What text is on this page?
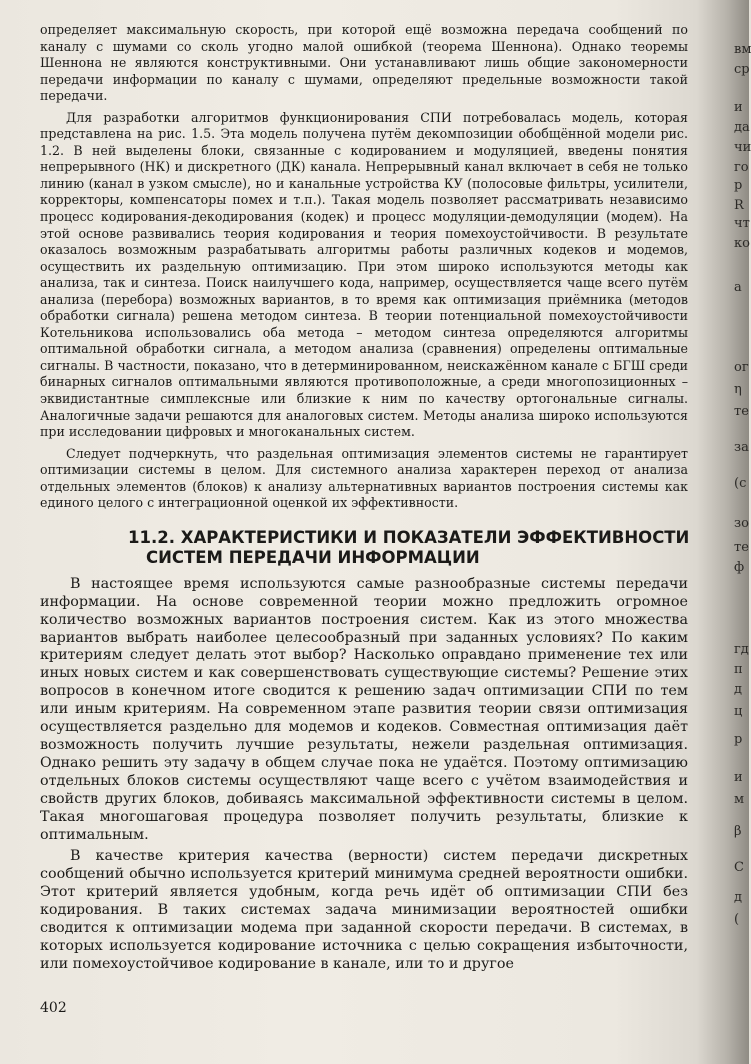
определяет максимальную скорость, при которой ещё возможна передача сообщений по каналу с шумами со сколь угодно малой ошибкой (теорема Шеннона). Однако теоремы Шеннона не являются конструктивными. Они устанавливают лишь общие закономерности передачи информации по каналу с шумами, определяют предельные возможности такой передачи.

Для разработки алгоритмов функционирования СПИ потребовалась модель, которая представлена на рис. 1.5. Эта модель получена путём декомпозиции обобщённой модели рис. 1.2. В ней выделены блоки, связанные с кодированием и модуляцией, введены понятия непрерывного (НК) и дискретного (ДК) канала. Непрерывный канал включает в себя не только линию (канал в узком смысле), но и канальные устройства КУ (полосовые фильтры, усилители, корректоры, компенсаторы помех и т.п.). Такая модель позволяет рассматривать независимо процесс кодирования-декодирования (кодек) и процесс модуляции-демодуляции (модем). На этой основе развивались теория кодирования и теория помехоустойчивости. В результате оказалось возможным разрабатывать алгоритмы работы различных кодеков и модемов, осуществить их раздельную оптимизацию. При этом широко используются методы как анализа, так и синтеза. Поиск наилучшего кода, например, осуществляется чаще всего путём анализа (перебора) возможных вариантов, в то время как оптимизация приёмника (методов обработки сигнала) решена методом синтеза. В теории потенциальной помехоустойчивости Котельникова использовались оба метода – методом синтеза определяются алгоритмы оптимальной обработки сигнала, а методом анализа (сравнения) определены оптимальные сигналы. В частности, показано, что в детерминированном, неискажённом канале с БГШ среди бинарных сигналов оптимальными являются противоположные, а среди многопозиционных – эквидистантные симплексные или близкие к ним по качеству ортогональные сигналы. Аналогичные задачи решаются для аналоговых систем. Методы анализа широко используются при исследовании цифровых и многоканальных систем.

Следует подчеркнуть, что раздельная оптимизация элементов системы не гарантирует оптимизации системы в целом. Для системного анализа характерен переход от анализа отдельных элементов (блоков) к анализу альтернативных вариантов построения системы как единого целого с интеграционной оценкой их эффективности.

11.2. ХАРАКТЕРИСТИКИ И ПОКАЗАТЕЛИ ЭФФЕКТИВНОСТИ
СИСТЕМ ПЕРЕДАЧИ ИНФОРМАЦИИ

В настоящее время используются самые разнообразные системы передачи информации. На основе современной теории можно предложить огромное количество возможных вариантов построения систем. Как из этого множества вариантов выбрать наиболее целесообразный при заданных условиях? По каким критериям следует делать этот выбор? Насколько оправдано применение тех или иных новых систем и как совершенствовать существующие системы? Решение этих вопросов в конечном итоге сводится к решению задач оптимизации СПИ по тем или иным критериям. На современном этапе развития теории связи оптимизация осуществляется раздельно для модемов и кодеков. Совместная оптимизация даёт возможность получить лучшие результаты, нежели раздельная оптимизация. Однако решить эту задачу в общем случае пока не удаётся. Поэтому оптимизацию отдельных блоков системы осуществляют чаще всего с учётом взаимодействия и свойств других блоков, добиваясь максимальной эффективности системы в целом. Такая многошаговая процедура позволяет получить результаты, близкие к оптимальным.

В качестве критерия качества (верности) систем передачи дискретных сообщений обычно используется критерий минимума средней вероятности ошибки. Этот критерий является удобным, когда речь идёт об оптимизации СПИ без кодирования. В таких системах задача минимизации вероятностей ошибки сводится к оптимизации модема при заданной скорости передачи. В системах, в которых используется кодирование источника с целью сокращения избыточности, или помехоустойчивое кодирование в канале, или то и другое

402
вм
ср
и
да
чи
го
р
R
чт
ко
а
ог
η
те
за
(с
зо
те
ф
гд
п
д
ц
р
и
м
β
С
д
(
